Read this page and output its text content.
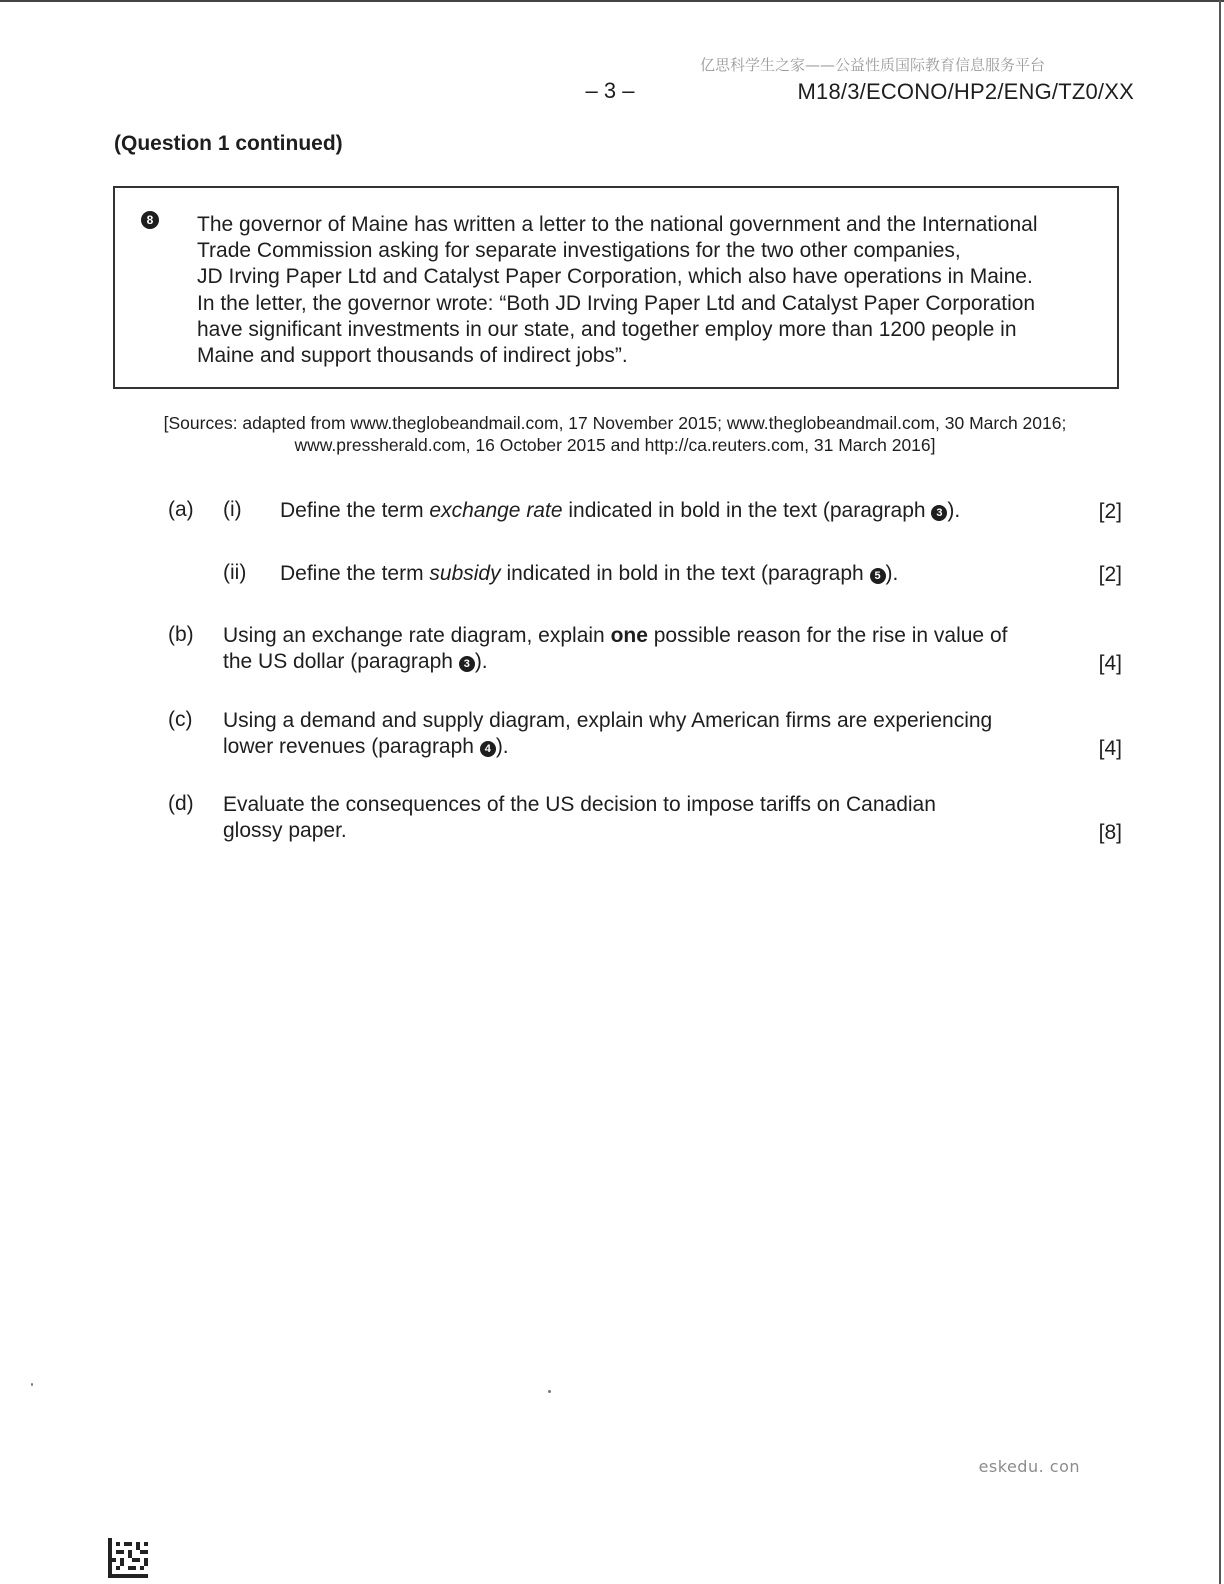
亿思科学生之家——公益性质国际教育信息服务平台
– 3 –	M18/3/ECONO/HP2/ENG/TZ0/XX
(Question 1 continued)
8 The governor of Maine has written a letter to the national government and the International
Trade Commission asking for separate investigations for the two other companies,
JD Irving Paper Ltd and Catalyst Paper Corporation, which also have operations in Maine.
In the letter, the governor wrote: “Both JD Irving Paper Ltd and Catalyst Paper Corporation
have significant investments in our state, and together employ more than 1200 people in
Maine and support thousands of indirect jobs”.
[Sources: adapted from www.theglobeandmail.com, 17 November 2015; www.theglobeandmail.com, 30 March 2016;
www.pressherald.com, 16 October 2015 and http://ca.reuters.com, 31 March 2016]
(a) (i) Define the term exchange rate indicated in bold in the text (paragraph 3 ).	[2]
(ii) Define the term subsidy indicated in bold in the text (paragraph 5 ).	[2]
(b) Using an exchange rate diagram, explain one possible reason for the rise in value of
the US dollar (paragraph 3 ).	[4]
(c) Using a demand and supply diagram, explain why American firms are experiencing
lower revenues (paragraph 4 ).	[4]
(d) Evaluate the consequences of the US decision to impose tariffs on Canadian
glossy paper.	[8]
eskedu. con
